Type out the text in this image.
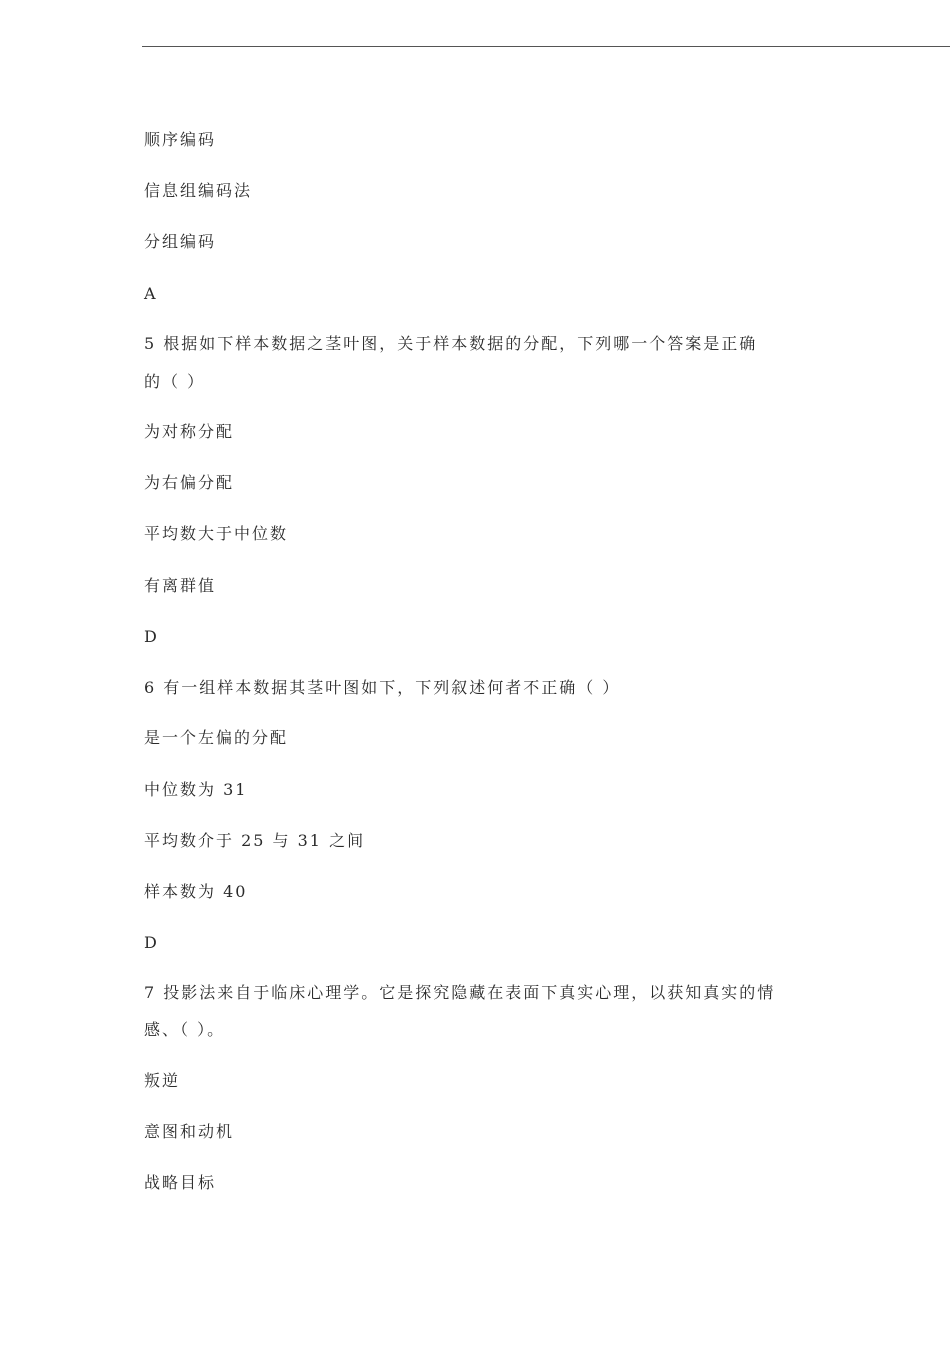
顺序编码

信息组编码法

分组编码

A

5 根据如下样本数据之茎叶图，关于样本数据的分配，下列哪一个答案是正确

的（ ）

为对称分配

为右偏分配

平均数大于中位数

有离群值

D

6 有一组样本数据其茎叶图如下，下列叙述何者不正确（ ）

是一个左偏的分配

中位数为 31

平均数介于 25 与 31 之间

样本数为 40

D

7 投影法来自于临床心理学。它是探究隐藏在表面下真实心理，以获知真实的情

感、（ ）。

叛逆

意图和动机

战略目标
